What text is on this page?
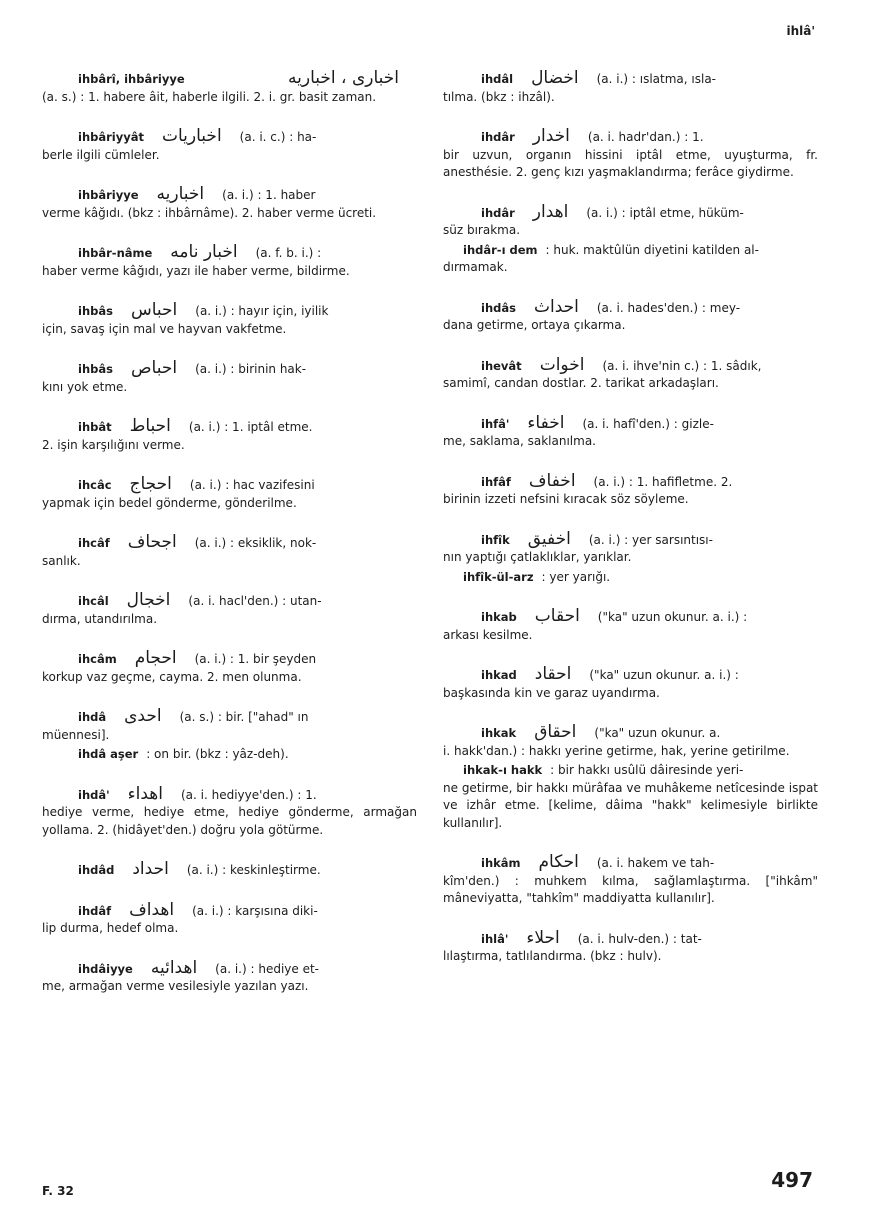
ihlâ'
ihbârî, ihbâriyye	اخبارى ، اخباريه
(a. s.) : 1. habere âit, haberle ilgili. 2. i. gr. basit zaman.
ihbâriyyât	اخباريات	(a. i. c.) : ha-
berle ilgili cümleler.
ihbâriyye	اخباريه	(a. i.) : 1. haber
verme kâğıdı. (bkz : ihbârnâme). 2. haber verme ücreti.
ihbâr-nâme	اخبار نامه	(a. f. b. i.) :
haber verme kâğıdı, yazı ile haber verme, bildirme.
ihbâs	احباس	(a. i.) : hayır için, iyilik
için, savaş için mal ve hayvan vakfetme.
ihbâs	احباص	(a. i.) : birinin hak-
kını yok etme.
ihbât	احباط	(a. i.) : 1. iptâl etme.
2. işin karşılığını verme.
ihcâc	احجاج	(a. i.) : hac vazifesini
yapmak için bedel gönderme, gönderilme.
ihcâf	اجحاف	(a. i.) : eksiklik, nok-
sanlık.
ihcâl	اخجال	(a. i. hacl'den.) : utan-
dırma, utandırılma.
ihcâm	احجام	(a. i.) : 1. bir şeyden
korkup vaz geçme, cayma. 2. men olunma.
ihdâ	احدى	(a. s.) : bir. ["ahad" ın
müennesi].
ihdâ aşer : on bir. (bkz : yâz-deh).
ihdâ'	اهداء	(a. i. hediyye'den.) : 1.
hediye verme, hediye etme, hediye gönderme, armağan yollama. 2. (hidâyet'den.) doğru yola götürme.
ihdâd	احداد	(a. i.) : keskinleştirme.
ihdâf	اهداف	(a. i.) : karşısına diki-
lip durma, hedef olma.
ihdâiyye	اهدائيه	(a. i.) : hediye et-
me, armağan verme vesilesiyle yazılan yazı.
ihdâl	اخضال	(a. i.) : ıslatma, ısla-
tılma. (bkz : ihzâl).
ihdâr	اخدار	(a. i. hadr'dan.) : 1.
bir uzvun, organın hissini iptâl etme, uyuşturma, fr. anesthésie. 2. genç kızı yaşmaklandırma; ferâce giydirme.
ihdâr	اهدار	(a. i.) : iptâl etme, hüküm-
süz bırakma.
ihdâr-ı dem : huk. maktûlün diyetini katilden al-
dırmamak.
ihdâs	احداث	(a. i. hades'den.) : mey-
dana getirme, ortaya çıkarma.
ihevât	اخوات	(a. i. ihve'nin c.) : 1. sâdık,
samimî, candan dostlar. 2. tarikat arkadaşları.
ihfâ'	اخفاء	(a. i. hafî'den.) : gizle-
me, saklama, saklanılma.
ihfâf	اخفاف	(a. i.) : 1. hafifletme. 2.
birinin izzeti nefsini kıracak söz söyleme.
ihfîk	اخفيق	(a. i.) : yer sarsıntısı-
nın yaptığı çatlaklıklar, yarıklar.
ihfîk-ül-arz : yer yarığı.
ihkab	احقاب	("ka" uzun okunur. a. i.) :
arkası kesilme.
ihkad	احقاد	("ka" uzun okunur. a. i.) :
başkasında kin ve garaz uyandırma.
ihkak	احقاق	("ka" uzun okunur. a.
i. hakk'dan.) : hakkı yerine getirme, hak, yerine getirilme.
ihkak-ı hakk : bir hakkı usûlü dâiresinde yeri-
ne getirme, bir hakkı mürâfaa ve muhâkeme netîcesinde ispat ve izhâr etme. [kelime, dâima "hakk" kelimesiyle birlikte kullanılır].
ihkâm	احكام	(a. i. hakem ve tah-
kîm'den.) : muhkem kılma, sağlamlaştırma. ["ihkâm" mâneviyatta, "tahkîm" maddiyatta kullanılır].
ihlâ'	احلاء	(a. i. hulv-den.) : tat-
lılaştırma, tatlılandırma. (bkz : hulv).
F. 32	497
